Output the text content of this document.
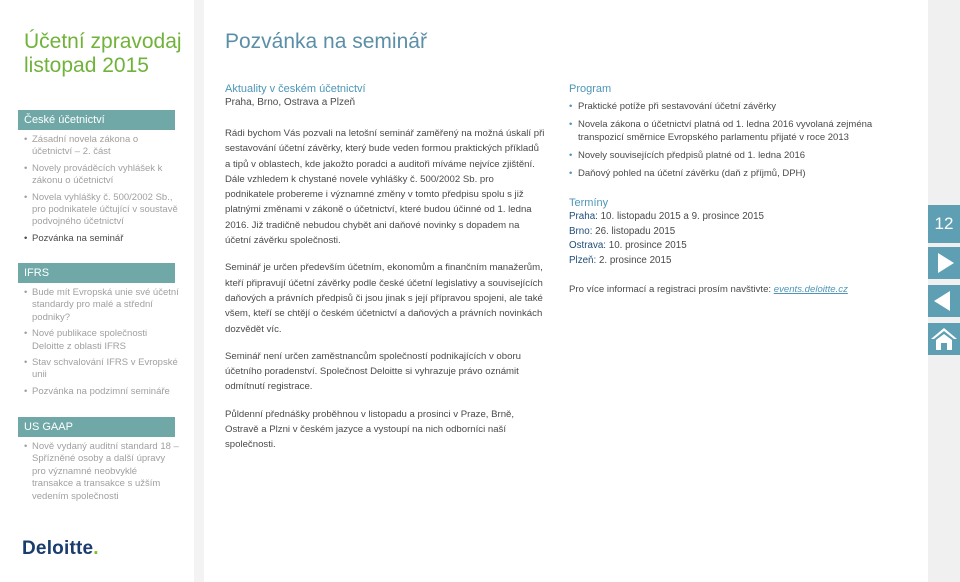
Účetní zpravodaj
listopad 2015
České účetnictví
• Zásadní novela zákona o účetnictví – 2. část
• Novely prováděcích vyhlášek k zákonu o účetnictví
• Novela vyhlášky č. 500/2002 Sb., pro podnikatele účtující v soustavě podvojného účetnictví
• Pozvánka na seminář
IFRS
• Bude mít Evropská unie své účetní standardy pro malé a střední podniky?
• Nové publikace společnosti Deloitte z oblasti IFRS
• Stav schvalování IFRS v Evropské unii
• Pozvánka na podzimní semináře
US GAAP
• Nově vydaný auditní standard 18 – Spřízněné osoby a další úpravy pro významné neobvyklé transakce a transakce s užším vedením společnosti
Deloitte.
Pozvánka na seminář
Aktuality v českém účetnictví
Praha, Brno, Ostrava a Plzeň

Rádi bychom Vás pozvali na letošní seminář zaměřený na možná úskalí při sestavování účetní závěrky, který bude veden formou praktických příkladů a tipů v oblastech, kde jakožto poradci a auditoři míváme nejvíce zjištění. Dále vzhledem k chystané novele vyhlášky č. 500/2002 Sb. pro podnikatele probereme i významné změny v tomto předpisu spolu s již platnými změnami v zákoně o účetnictví, které budou účinné od 1. ledna 2016. Již tradičně nebudou chybět ani daňové novinky s dopadem na účetní závěrku společnosti.

Seminář je určen především účetním, ekonomům a finančním manažerům, kteří připravují účetní závěrky podle české účetní legislativy a souvisejících daňových a právních předpisů či jsou jinak s její přípravou spojeni, ale také všem, kteří se chtějí o českém účetnictví a daňových a právních novinkách dozvědět víc.

Seminář není určen zaměstnancům společností podnikajících v oboru účetního poradenství. Společnost Deloitte si vyhrazuje právo oznámit odmítnutí registrace.

Půldenní přednášky proběhnou v listopadu a prosinci v Praze, Brně, Ostravě a Plzni v českém jazyce a vystoupí na nich odborníci naší společnosti.

Program
• Praktické potíže při sestavování účetní závěrky
• Novela zákona o účetnictví platná od 1. ledna 2016 vyvolaná zejména transpozicí směrnice Evropského parlamentu přijaté v roce 2013
• Novely souvisejících předpisů platné od 1. ledna 2016
• Daňový pohled na účetní závěrku (daň z příjmů, DPH)
Termíny
Praha: 10. listopadu 2015 a 9. prosince 2015
Brno: 26. listopadu 2015
Ostrava: 10. prosince 2015
Plzeň: 2. prosince 2015
Pro více informací a registraci prosím navštivte: events.deloitte.cz
12
